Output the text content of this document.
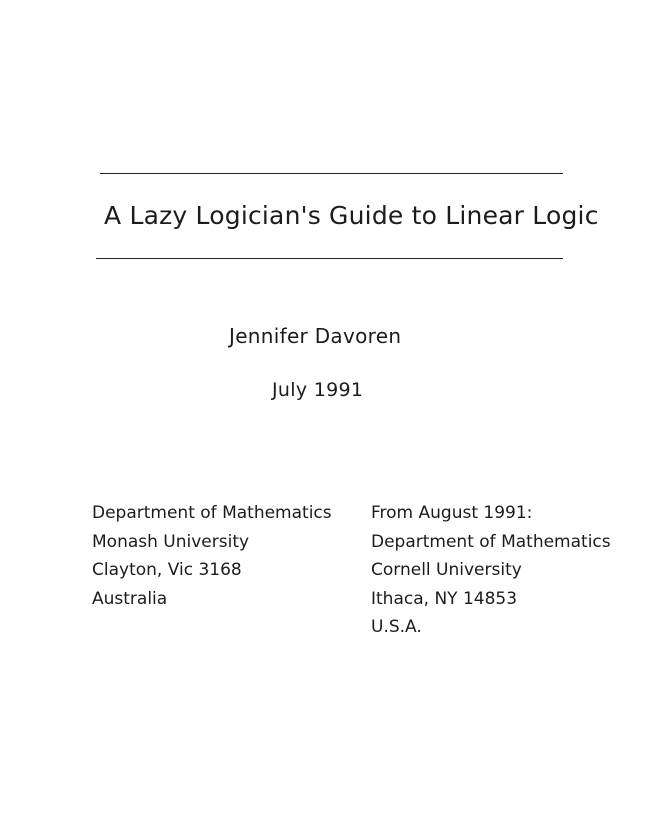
A Lazy Logician's Guide to Linear Logic
Jennifer Davoren
July 1991
Department of Mathematics
Monash University
Clayton, Vic 3168
Australia
From August 1991:
Department of Mathematics
Cornell University
Ithaca, NY 14853
U.S.A.
